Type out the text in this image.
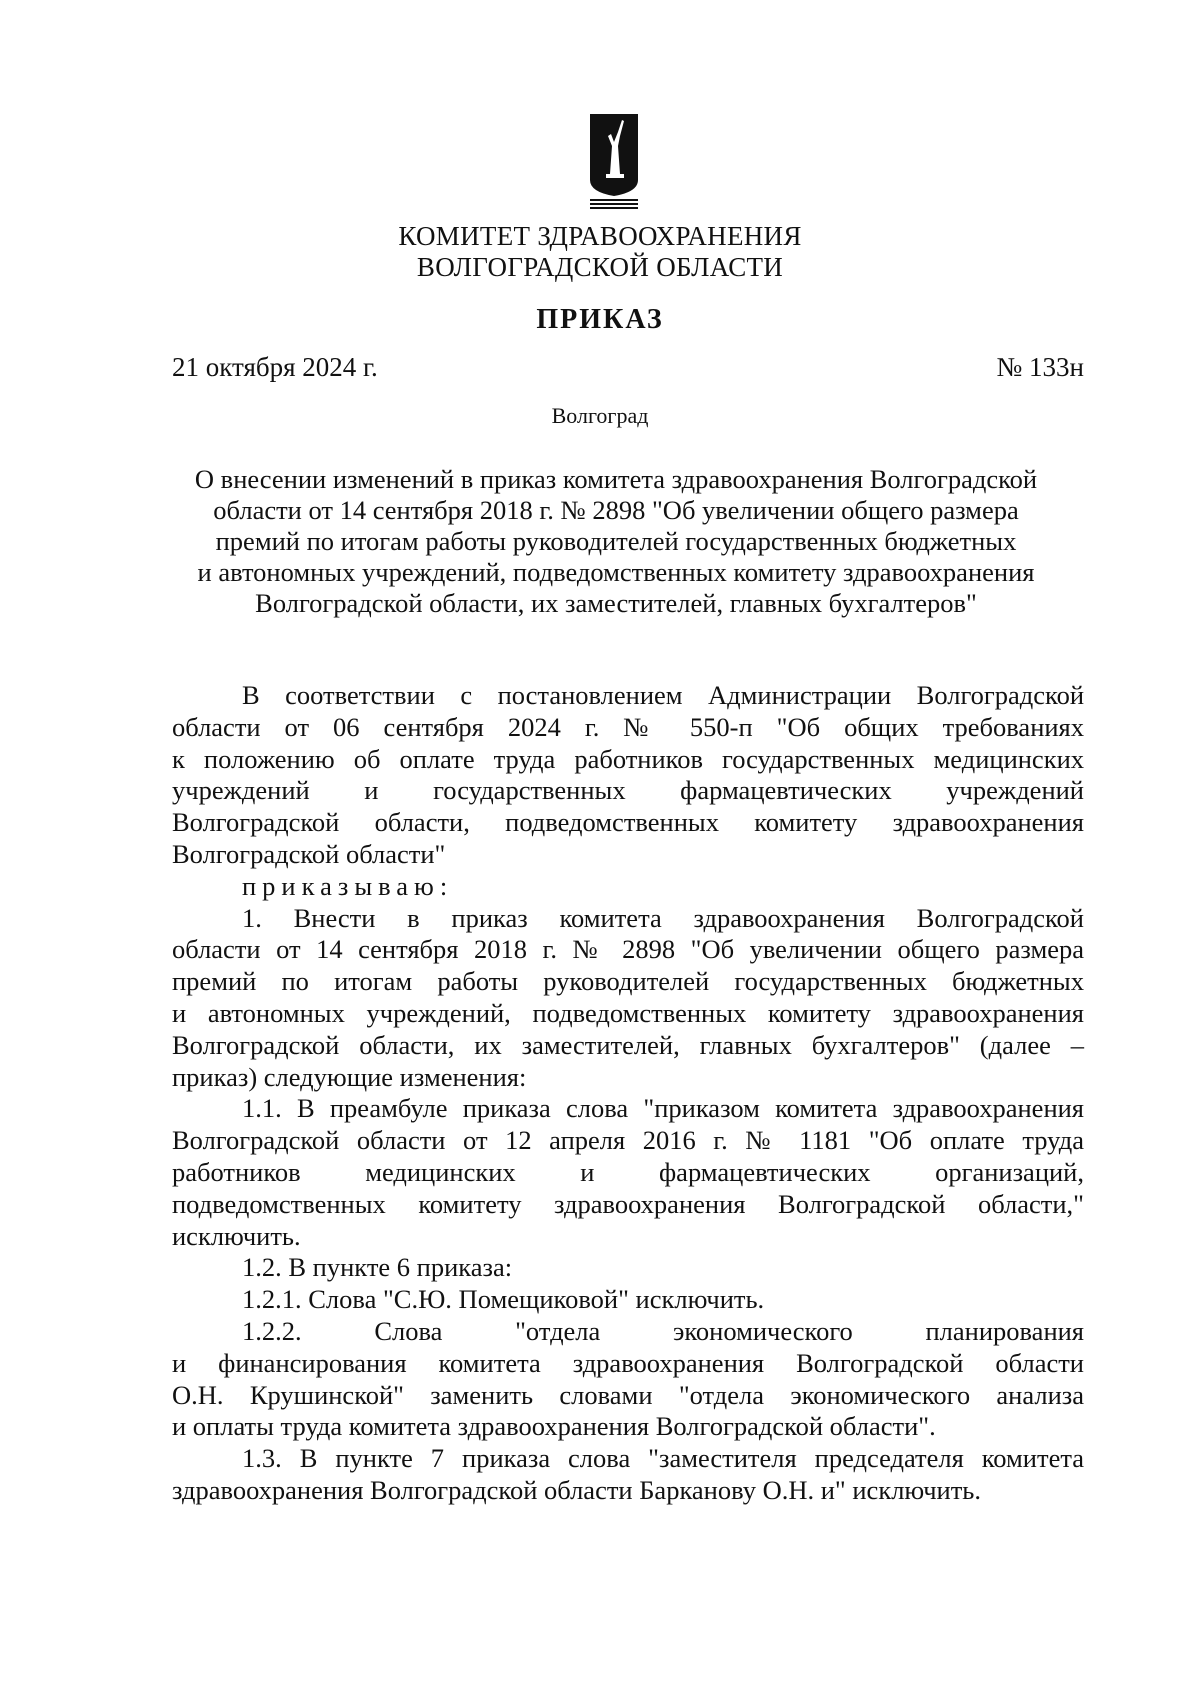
КОМИТЕТ ЗДРАВООХРАНЕНИЯ
ВОЛГОГРАДСКОЙ ОБЛАСТИ
ПРИКАЗ
21 октября 2024 г.	№ 133н
Волгоград
О внесении изменений в приказ комитета здравоохранения Волгоградской
области от 14 сентября 2018 г. № 2898 "Об увеличении общего размера
премий по итогам работы руководителей государственных бюджетных
и автономных учреждений, подведомственных комитету здравоохранения
Волгоградской области, их заместителей, главных бухгалтеров"
В соответствии с постановлением Администрации Волгоградской
области от 06 сентября 2024 г. № 550-п "Об общих требованиях
к положению об оплате труда работников государственных медицинских
учреждений и государственных фармацевтических учреждений
Волгоградской области, подведомственных комитету здравоохранения
Волгоградской области"
приказываю:
1. Внести в приказ комитета здравоохранения Волгоградской
области от 14 сентября 2018 г. № 2898 "Об увеличении общего размера
премий по итогам работы руководителей государственных бюджетных
и автономных учреждений, подведомственных комитету здравоохранения
Волгоградской области, их заместителей, главных бухгалтеров" (далее –
приказ) следующие изменения:
1.1. В преамбуле приказа слова "приказом комитета здравоохранения
Волгоградской области от 12 апреля 2016 г. № 1181 "Об оплате труда
работников медицинских и фармацевтических организаций,
подведомственных комитету здравоохранения Волгоградской области,"
исключить.
1.2. В пункте 6 приказа:
1.2.1. Слова "С.Ю. Помещиковой" исключить.
1.2.2. Слова "отдела экономического планирования
и финансирования комитета здравоохранения Волгоградской области
О.Н. Крушинской" заменить словами "отдела экономического анализа
и оплаты труда комитета здравоохранения Волгоградской области".
1.3. В пункте 7 приказа слова "заместителя председателя комитета
здравоохранения Волгоградской области Барканову О.Н. и" исключить.
